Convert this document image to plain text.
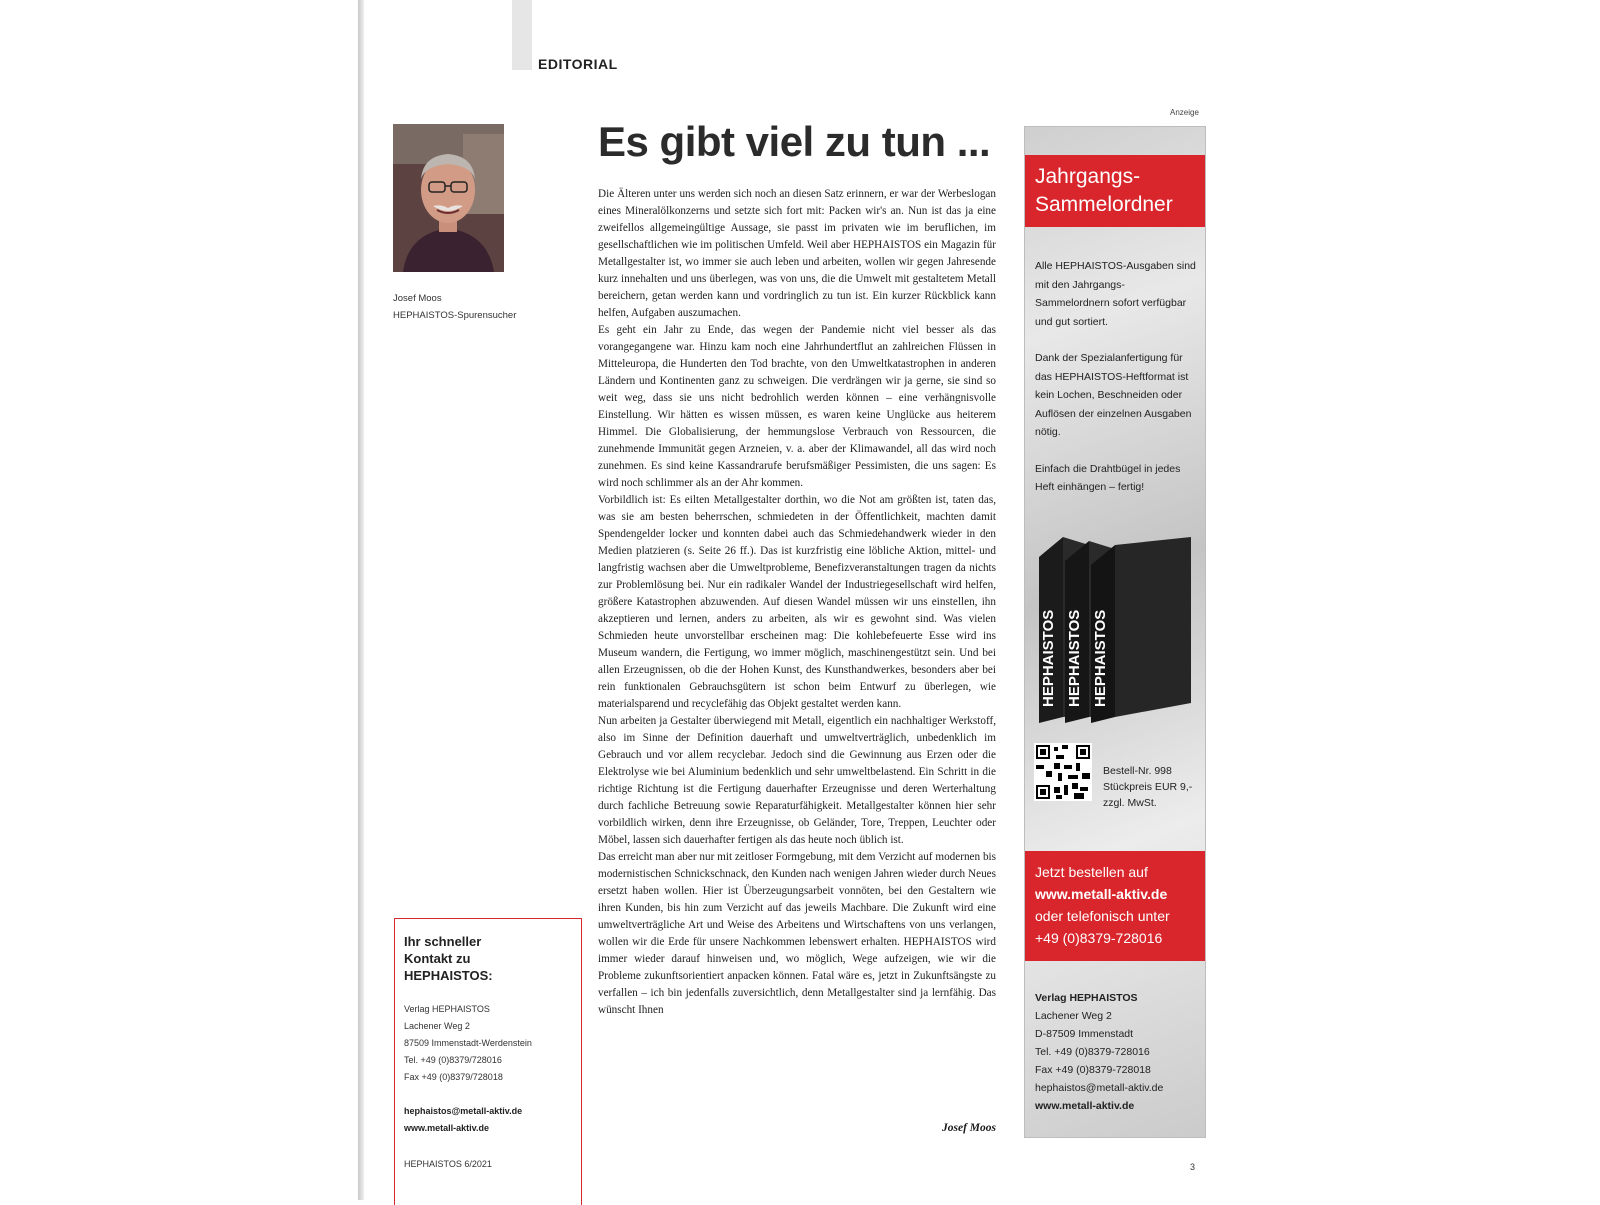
EDITORIAL
Josef Moos
HEPHAISTOS-Spurensucher
Es gibt viel zu tun ...

Die Älteren unter uns werden sich noch an diesen Satz erinnern, er war der Werbeslogan eines Mineralölkonzerns und setzte sich fort mit: Packen wir's an. Nun ist das ja eine zweifellos allgemeingültige Aussage, sie passt im privaten wie im beruflichen, im gesellschaftlichen wie im politischen Umfeld. Weil aber HEPHAISTOS ein Magazin für Metallgestalter ist, wo immer sie auch leben und arbeiten, wollen wir gegen Jahresende kurz innehalten und uns überlegen, was von uns, die die Umwelt mit gestaltetem Metall bereichern, getan werden kann und vordringlich zu tun ist. Ein kurzer Rückblick kann helfen, Aufgaben auszumachen.

Es geht ein Jahr zu Ende, das wegen der Pandemie nicht viel besser als das vorangegangene war. Hinzu kam noch eine Jahrhundertflut an zahlreichen Flüssen in Mitteleuropa, die Hunderten den Tod brachte, von den Umweltkatastrophen in anderen Ländern und Kontinenten ganz zu schweigen. Die verdrängen wir ja gerne, sie sind so weit weg, dass sie uns nicht bedrohlich werden können – eine verhängnisvolle Einstellung. Wir hätten es wissen müssen, es waren keine Unglücke aus heiterem Himmel. Die Globalisierung, der hemmungslose Verbrauch von Ressourcen, die zunehmende Immunität gegen Arzneien, v. a. aber der Klimawandel, all das wird noch zunehmen. Es sind keine Kassandrarufe berufsmäßiger Pessimisten, die uns sagen: Es wird noch schlimmer als an der Ahr kommen.

Vorbildlich ist: Es eilten Metallgestalter dorthin, wo die Not am größten ist, taten das, was sie am besten beherrschen, schmiedeten in der Öffentlichkeit, machten damit Spendengelder locker und konnten dabei auch das Schmiedehandwerk wieder in den Medien platzieren (s. Seite 26 ff.). Das ist kurzfristig eine löbliche Aktion, mittel- und langfristig wachsen aber die Umweltprobleme, Benefizveranstaltungen tragen da nichts zur Problemlösung bei. Nur ein radikaler Wandel der Industriegesellschaft wird helfen, größere Katastrophen abzuwenden. Auf diesen Wandel müssen wir uns einstellen, ihn akzeptieren und lernen, anders zu arbeiten, als wir es gewohnt sind. Was vielen Schmieden heute unvorstellbar erscheinen mag: Die kohlebefeuerte Esse wird ins Museum wandern, die Fertigung, wo immer möglich, maschinengestützt sein. Und bei allen Erzeugnissen, ob die der Hohen Kunst, des Kunsthandwerkes, besonders aber bei rein funktionalen Gebrauchsgütern ist schon beim Entwurf zu überlegen, wie materialsparend und recyclefähig das Objekt gestaltet werden kann.

Nun arbeiten ja Gestalter überwiegend mit Metall, eigentlich ein nachhaltiger Werkstoff, also im Sinne der Definition dauerhaft und umweltverträglich, unbedenklich im Gebrauch und vor allem recyclebar. Jedoch sind die Gewinnung aus Erzen oder die Elektrolyse wie bei Aluminium bedenklich und sehr umweltbelastend. Ein Schritt in die richtige Richtung ist die Fertigung dauerhafter Erzeugnisse und deren Werterhaltung durch fachliche Betreuung sowie Reparaturfähigkeit. Metallgestalter können hier sehr vorbildlich wirken, denn ihre Erzeugnisse, ob Geländer, Tore, Treppen, Leuchter oder Möbel, lassen sich dauerhafter fertigen als das heute noch üblich ist.

Das erreicht man aber nur mit zeitloser Formgebung, mit dem Verzicht auf modernen bis modernistischen Schnickschnack, den Kunden nach wenigen Jahren wieder durch Neues ersetzt haben wollen. Hier ist Überzeugungsarbeit vonnöten, bei den Gestaltern wie ihren Kunden, bis hin zum Verzicht auf das jeweils Machbare. Die Zukunft wird eine umweltverträgliche Art und Weise des Arbeitens und Wirtschaftens von uns verlangen, wollen wir die Erde für unsere Nachkommen lebenswert erhalten. HEPHAISTOS wird immer wieder darauf hinweisen und, wo möglich, Wege aufzeigen, wie wir die Probleme zukunftsorientiert anpacken können. Fatal wäre es, jetzt in Zukunftsängste zu verfallen – ich bin jedenfalls zuversichtlich, denn Metallgestalter sind ja lernfähig. Das wünscht Ihnen

Josef Moos
Ihr schneller
Kontakt zu
HEPHAISTOS:
Verlag HEPHAISTOS
Lachener Weg 2
87509 Immenstadt-Werdenstein
Tel. +49 (0)8379/728016
Fax +49 (0)8379/728018
hephaistos@metall-aktiv.de
www.metall-aktiv.de
HEPHAISTOS 6/2021
Anzeige
Jahrgangs-
Sammelordner

Alle HEPHAISTOS-Ausgaben sind mit den Jahrgangs-Sammelordnern sofort verfügbar und gut sortiert.

Dank der Spezialanfertigung für das HEPHAISTOS-Heftformat ist kein Lochen, Beschneiden oder Auflösen der einzelnen Ausgaben nötig.

Einfach die Drahtbügel in jedes Heft einhängen – fertig!

HEPHAISTOS HEPHAISTOS HEPHAISTOS
Bestell-Nr. 998
Stückpreis EUR 9,-
zzgl. MwSt.
Jetzt bestellen auf
www.metall-aktiv.de
oder telefonisch unter
+49 (0)8379-728016
Verlag HEPHAISTOS
Lachener Weg 2
D-87509 Immenstadt
Tel. +49 (0)8379-728016
Fax +49 (0)8379-728018
hephaistos@metall-aktiv.de
www.metall-aktiv.de
3
